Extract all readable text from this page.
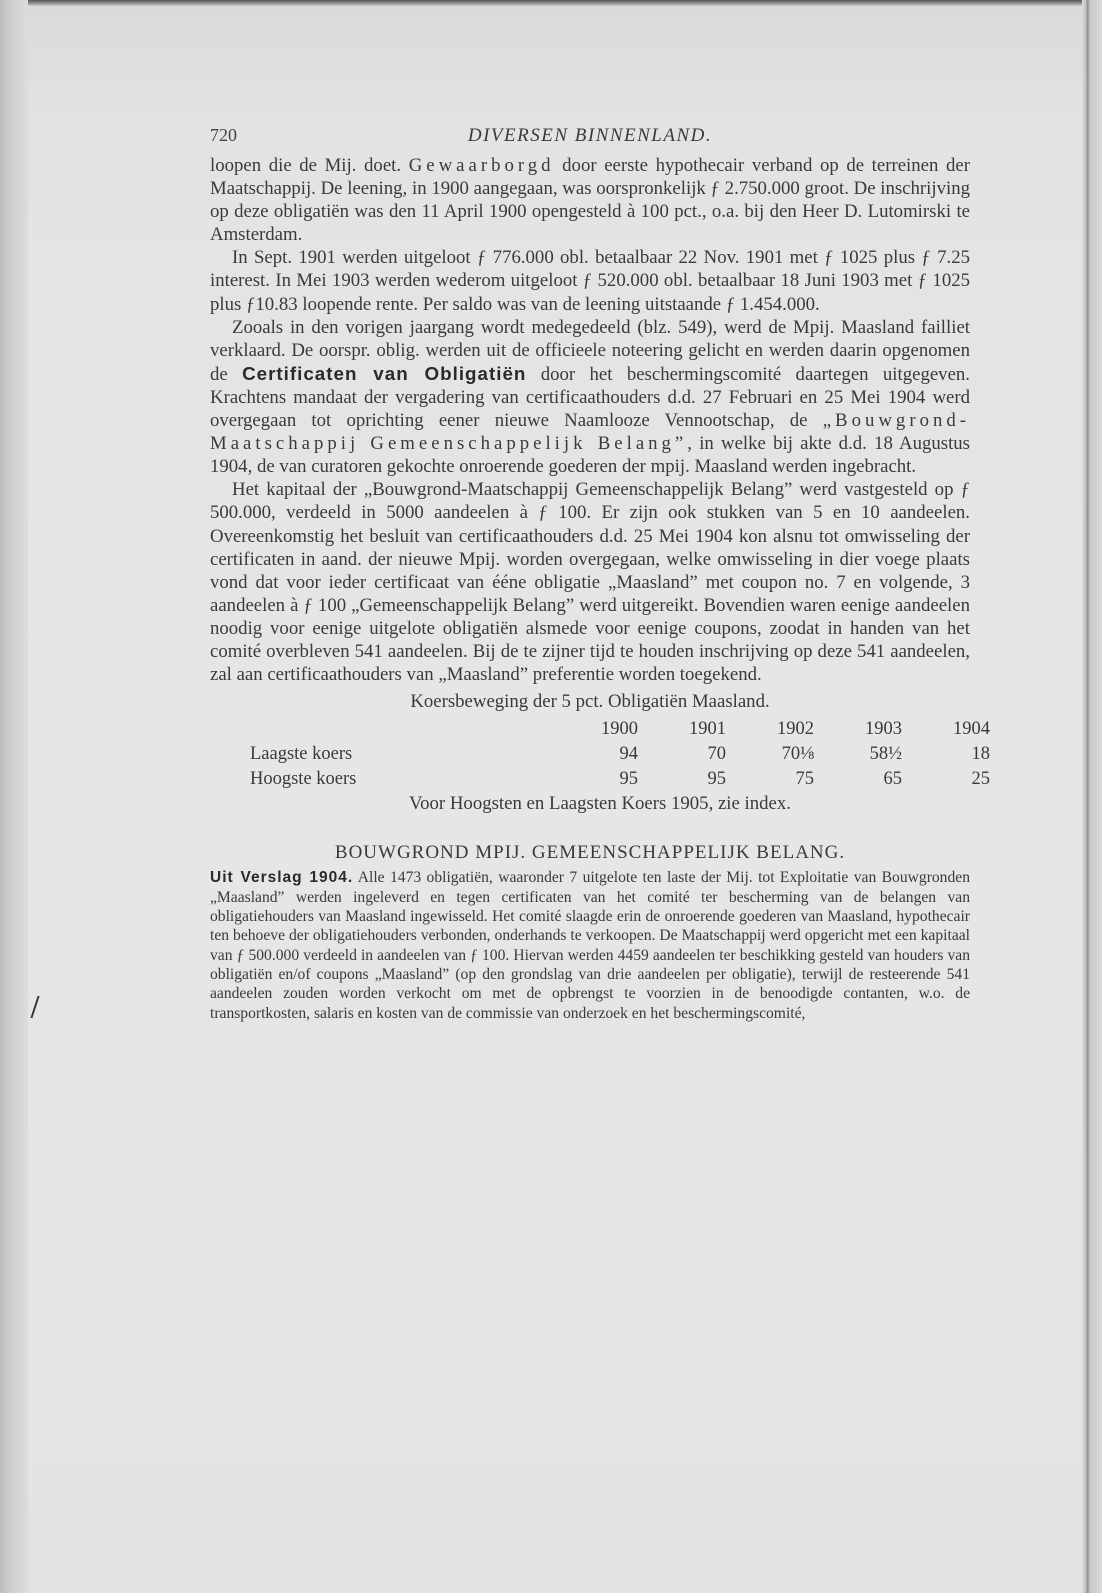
720	DIVERSEN BINNENLAND.

loopen die de Mij. doet. Gewaarborgd door eerste hypothecair verband op de terreinen der Maatschappij. De leening, in 1900 aangegaan, was oorspronkelijk ƒ 2.750.000 groot. De inschrijving op deze obligatiën was den 11 April 1900 opengesteld à 100 pct., o.a. bij den Heer D. Lutomirski te Amsterdam.

In Sept. 1901 werden uitgeloot ƒ 776.000 obl. betaalbaar 22 Nov. 1901 met ƒ 1025 plus ƒ 7.25 interest. In Mei 1903 werden wederom uitgeloot ƒ 520.000 obl. betaalbaar 18 Juni 1903 met ƒ 1025 plus ƒ10.83 loopende rente. Per saldo was van de leening uitstaande ƒ 1.454.000.

Zooals in den vorigen jaargang wordt medegedeeld (blz. 549), werd de Mpij. Maasland failliet verklaard. De oorspr. oblig. werden uit de officieele noteering gelicht en werden daarin opgenomen de Certificaten van Obligatiën door het beschermingscomité daartegen uitgegeven. Krachtens mandaat der vergadering van certificaathouders d.d. 27 Februari en 25 Mei 1904 werd overgegaan tot oprichting eener nieuwe Naamlooze Vennootschap, de „Bouwgrond-Maatschappij Gemeenschappelijk Belang”, in welke bij akte d.d. 18 Augustus 1904, de van curatoren gekochte onroerende goederen der mpij. Maasland werden ingebracht.

Het kapitaal der „Bouwgrond-Maatschappij Gemeenschappelijk Belang” werd vastgesteld op ƒ 500.000, verdeeld in 5000 aandeelen à ƒ 100. Er zijn ook stukken van 5 en 10 aandeelen. Overeenkomstig het besluit van certificaathouders d.d. 25 Mei 1904 kon alsnu tot omwisseling der certificaten in aand. der nieuwe Mpij. worden overgegaan, welke omwisseling in dier voege plaats vond dat voor ieder certificaat van ééne obligatie „Maasland” met coupon no. 7 en volgende, 3 aandeelen à ƒ 100 „Gemeenschappelijk Belang” werd uitgereikt. Bovendien waren eenige aandeelen noodig voor eenige uitgelote obligatiën alsmede voor eenige coupons, zoodat in handen van het comité overbleven 541 aandeelen. Bij de te zijner tijd te houden inschrijving op deze 541 aandeelen, zal aan certificaathouders van „Maasland” preferentie worden toegekend.

Koersbeweging der 5 pct. Obligatiën Maasland.
	1900	1901	1902	1903	1904
Laagste koers	94	70	70⅛	58½	18
Hoogste koers	95	95	75	65	25
Voor Hoogsten en Laagsten Koers 1905, zie index.
BOUWGROND MPIJ. GEMEENSCHAPPELIJK BELANG.

Uit Verslag 1904. Alle 1473 obligatiën, waaronder 7 uitgelote ten laste der Mij. tot Exploitatie van Bouwgronden „Maasland” werden ingeleverd en tegen certificaten van het comité ter bescherming van de belangen van obligatiehouders van Maasland ingewisseld. Het comité slaagde erin de onroerende goederen van Maasland, hypothecair ten behoeve der obligatiehouders verbonden, onderhands te verkoopen. De Maatschappij werd opgericht met een kapitaal van ƒ 500.000 verdeeld in aandeelen van ƒ 100. Hiervan werden 4459 aandeelen ter beschikking gesteld van houders van obligatiën en/of coupons „Maasland” (op den grondslag van drie aandeelen per obligatie), terwijl de resteerende 541 aandeelen zouden worden verkocht om met de opbrengst te voorzien in de benoodigde contanten, w.o. de transportkosten, salaris en kosten van de commissie van onderzoek en het beschermingscomité,
